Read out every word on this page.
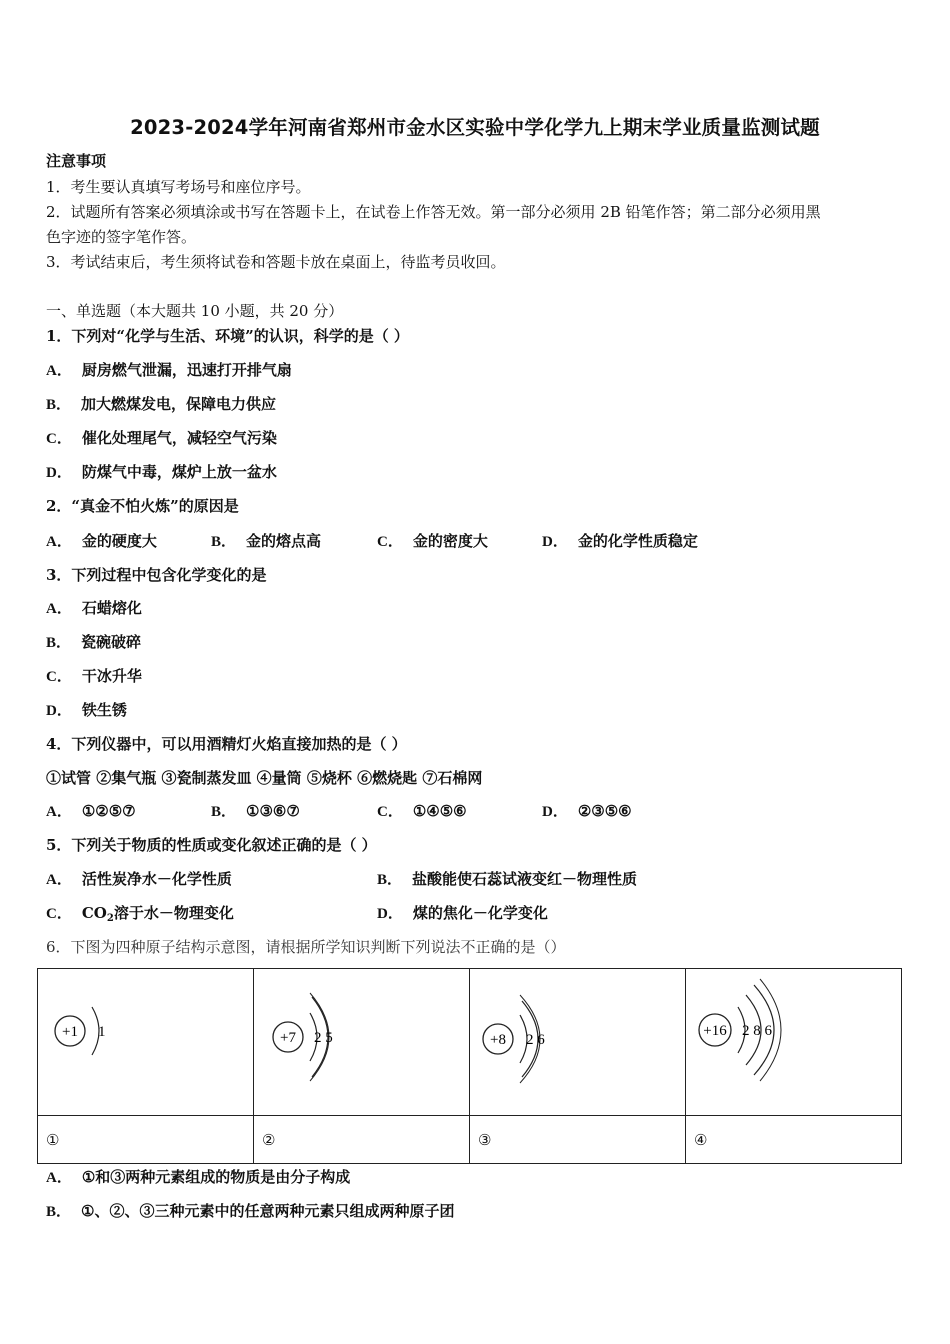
2023-2024学年河南省郑州市金水区实验中学化学九上期末学业质量监测试题
注意事项
1．考生要认真填写考场号和座位序号。
2．试题所有答案必须填涂或书写在答题卡上，在试卷上作答无效。第一部分必须用 2B 铅笔作答；第二部分必须用黑
色字迹的签字笔作答。
3．考试结束后，考生须将试卷和答题卡放在桌面上，待监考员收回。
一、单选题（本大题共 10 小题，共 20 分）
1．下列对“化学与生活、环境”的认识，科学的是（ ）
A． 厨房燃气泄漏，迅速打开排气扇
B． 加大燃煤发电，保障电力供应
C． 催化处理尾气，减轻空气污染
D． 防煤气中毒，煤炉上放一盆水
2．“真金不怕火炼”的原因是
A． 金的硬度大	B． 金的熔点高	C． 金的密度大	D． 金的化学性质稳定
3．下列过程中包含化学变化的是
A． 石蜡熔化
B． 瓷碗破碎
C． 干冰升华
D． 铁生锈
4．下列仪器中，可以用酒精灯火焰直接加热的是（ ）
①试管 ②集气瓶 ③瓷制蒸发皿 ④量筒 ⑤烧杯 ⑥燃烧匙 ⑦石棉网
A． ①②⑤⑦	B． ①③⑥⑦	C． ①④⑤⑥	D． ②③⑤⑥
5．下列关于物质的性质或变化叙述正确的是（ ）
A． 活性炭净水－化学性质	B． 盐酸能使石蕊试液变红－物理性质
C． $CO_2$溶于水－物理变化	D． 煤的焦化－化学变化
6．下图为四种原子结构示意图，请根据所学知识判断下列说法不正确的是（）
+1 1	+7 2 5	+8 2 6	+16 2 8 6

①	②	③	④
A． ①和③两种元素组成的物质是由分子构成
B． ①、②、③三种元素中的任意两种元素只组成两种原子团
